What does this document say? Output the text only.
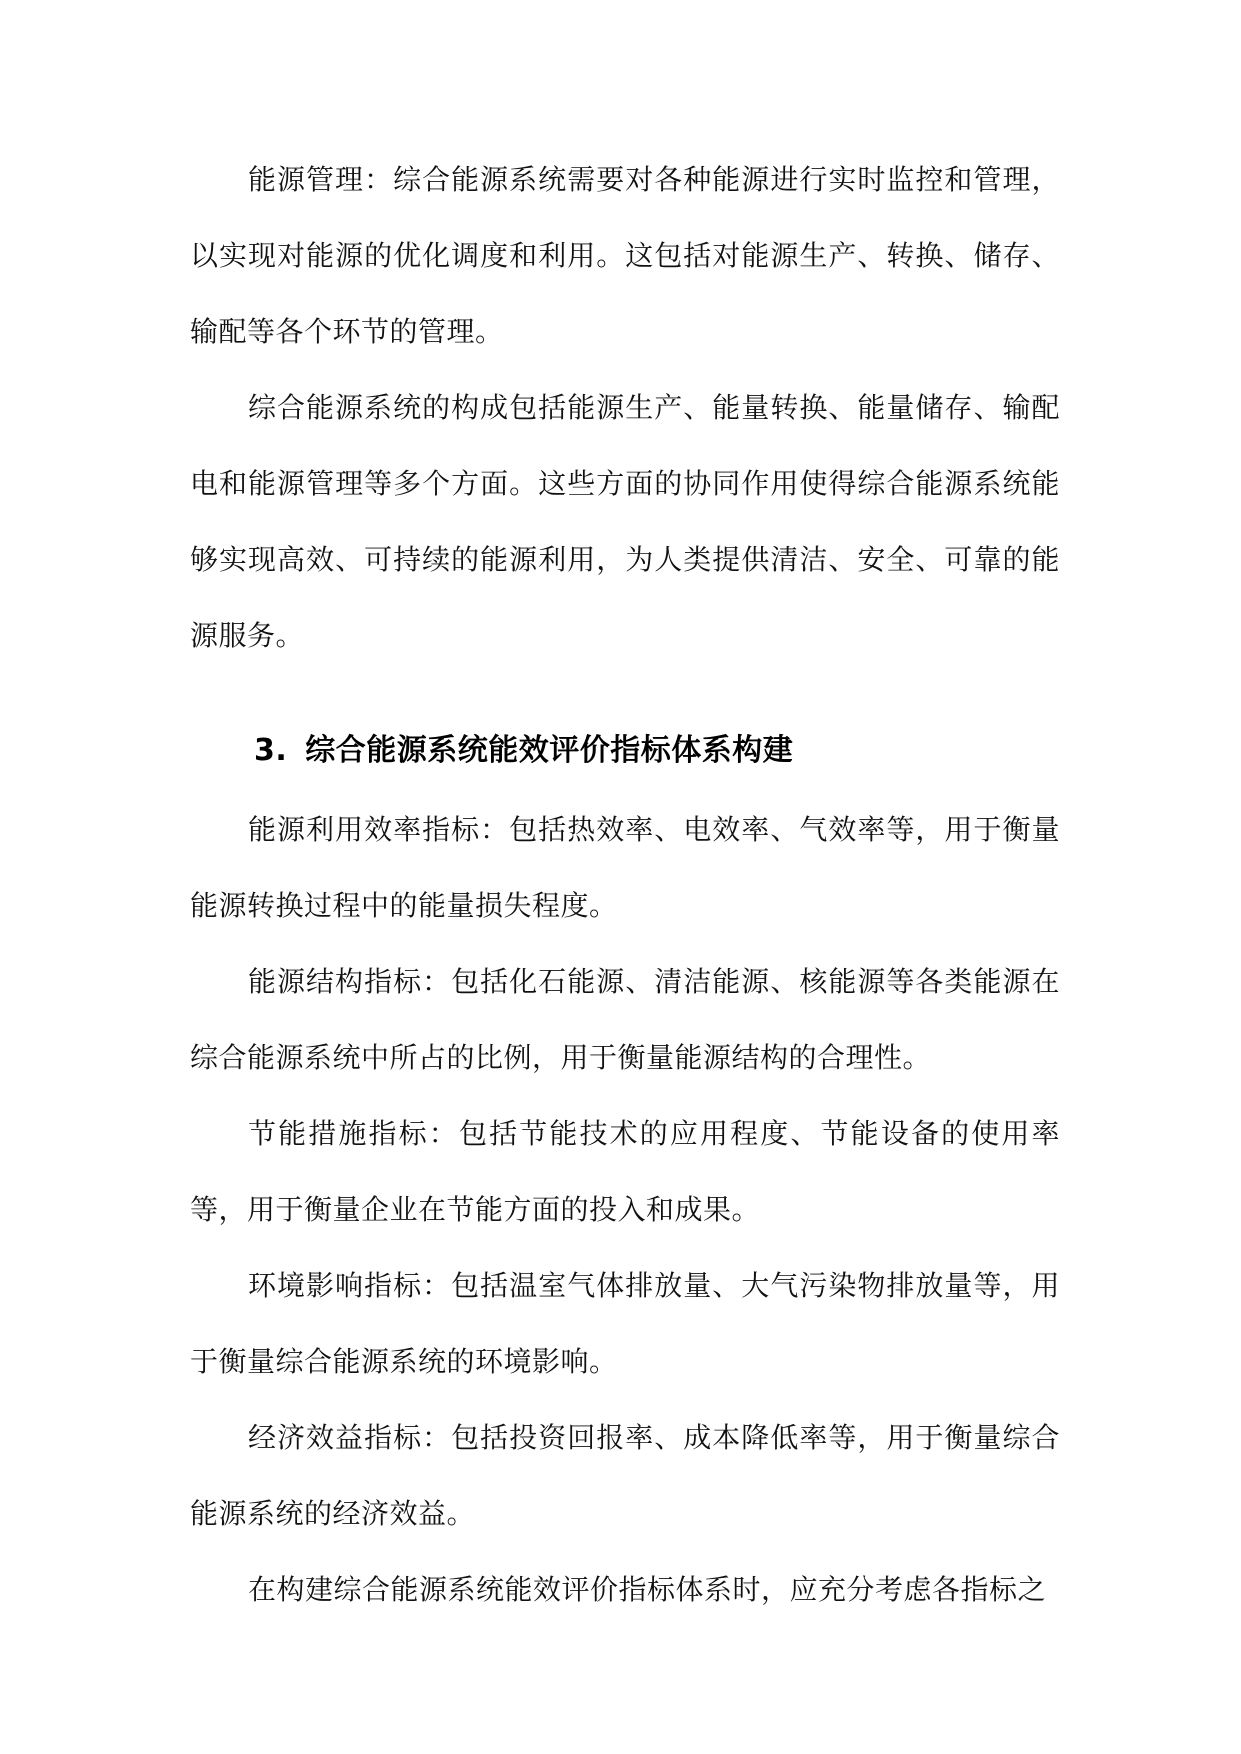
能源管理：综合能源系统需要对各种能源进行实时监控和管理，以实现对能源的优化调度和利用。这包括对能源生产、转换、储存、输配等各个环节的管理。

综合能源系统的构成包括能源生产、能量转换、能量储存、输配电和能源管理等多个方面。这些方面的协同作用使得综合能源系统能够实现高效、可持续的能源利用，为人类提供清洁、安全、可靠的能源服务。

3. 综合能源系统能效评价指标体系构建

能源利用效率指标：包括热效率、电效率、气效率等，用于衡量能源转换过程中的能量损失程度。

能源结构指标：包括化石能源、清洁能源、核能源等各类能源在综合能源系统中所占的比例，用于衡量能源结构的合理性。

节能措施指标：包括节能技术的应用程度、节能设备的使用率等，用于衡量企业在节能方面的投入和成果。

环境影响指标：包括温室气体排放量、大气污染物排放量等，用于衡量综合能源系统的环境影响。

经济效益指标：包括投资回报率、成本降低率等，用于衡量综合能源系统的经济效益。

在构建综合能源系统能效评价指标体系时，应充分考虑各指标之
